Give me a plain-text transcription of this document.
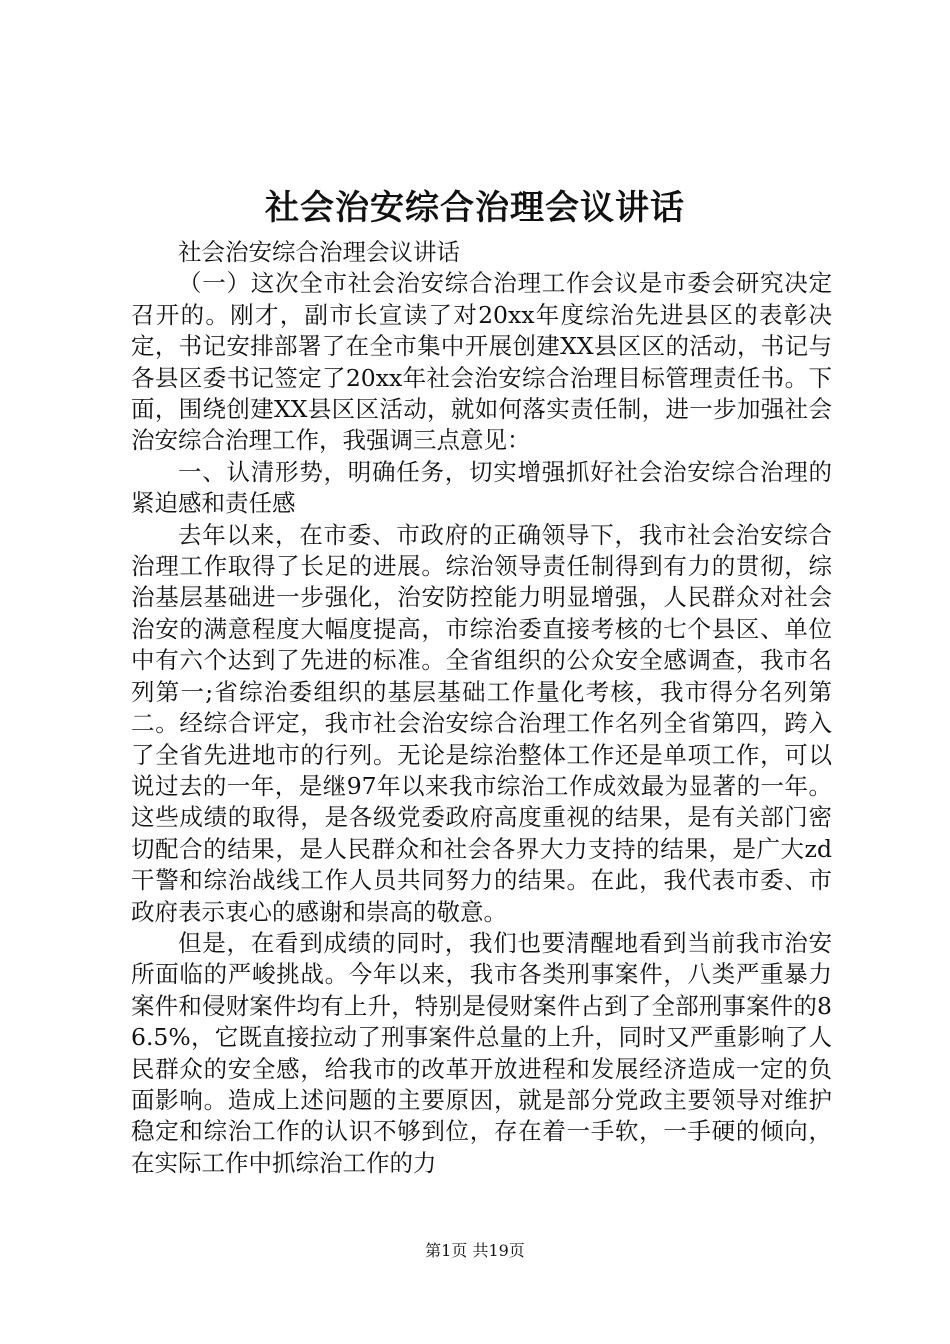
社会治安综合治理会议讲话

社会治安综合治理会议讲话

（一）这次全市社会治安综合治理工作会议是市委会研究决定召开的。刚才，副市长宣读了对20xx年度综治先进县区的表彰决定，书记安排部署了在全市集中开展创建XX县区区的活动，书记与各县区委书记签定了20xx年社会治安综合治理目标管理责任书。下面，围绕创建XX县区区活动，就如何落实责任制，进一步加强社会治安综合治理工作，我强调三点意见：

一、认清形势，明确任务，切实增强抓好社会治安综合治理的紧迫感和责任感

去年以来，在市委、市政府的正确领导下，我市社会治安综合治理工作取得了长足的进展。综治领导责任制得到有力的贯彻，综治基层基础进一步强化，治安防控能力明显增强，人民群众对社会治安的满意程度大幅度提高，市综治委直接考核的七个县区、单位中有六个达到了先进的标准。全省组织的公众安全感调查，我市名列第一;省综治委组织的基层基础工作量化考核，我市得分名列第二。经综合评定，我市社会治安综合治理工作名列全省第四，跨入了全省先进地市的行列。无论是综治整体工作还是单项工作，可以说过去的一年，是继97年以来我市综治工作成效最为显著的一年。这些成绩的取得，是各级党委政府高度重视的结果，是有关部门密切配合的结果，是人民群众和社会各界大力支持的结果，是广大zd干警和综治战线工作人员共同努力的结果。在此，我代表市委、市政府表示衷心的感谢和崇高的敬意。

但是，在看到成绩的同时，我们也要清醒地看到当前我市治安所面临的严峻挑战。今年以来，我市各类刑事案件，八类严重暴力案件和侵财案件均有上升，特别是侵财案件占到了全部刑事案件的86.5%，它既直接拉动了刑事案件总量的上升，同时又严重影响了人民群众的安全感，给我市的改革开放进程和发展经济造成一定的负面影响。造成上述问题的主要原因，就是部分党政主要领导对维护稳定和综治工作的认识不够到位，存在着一手软，一手硬的倾向，在实际工作中抓综治工作的力

第1页 共19页
